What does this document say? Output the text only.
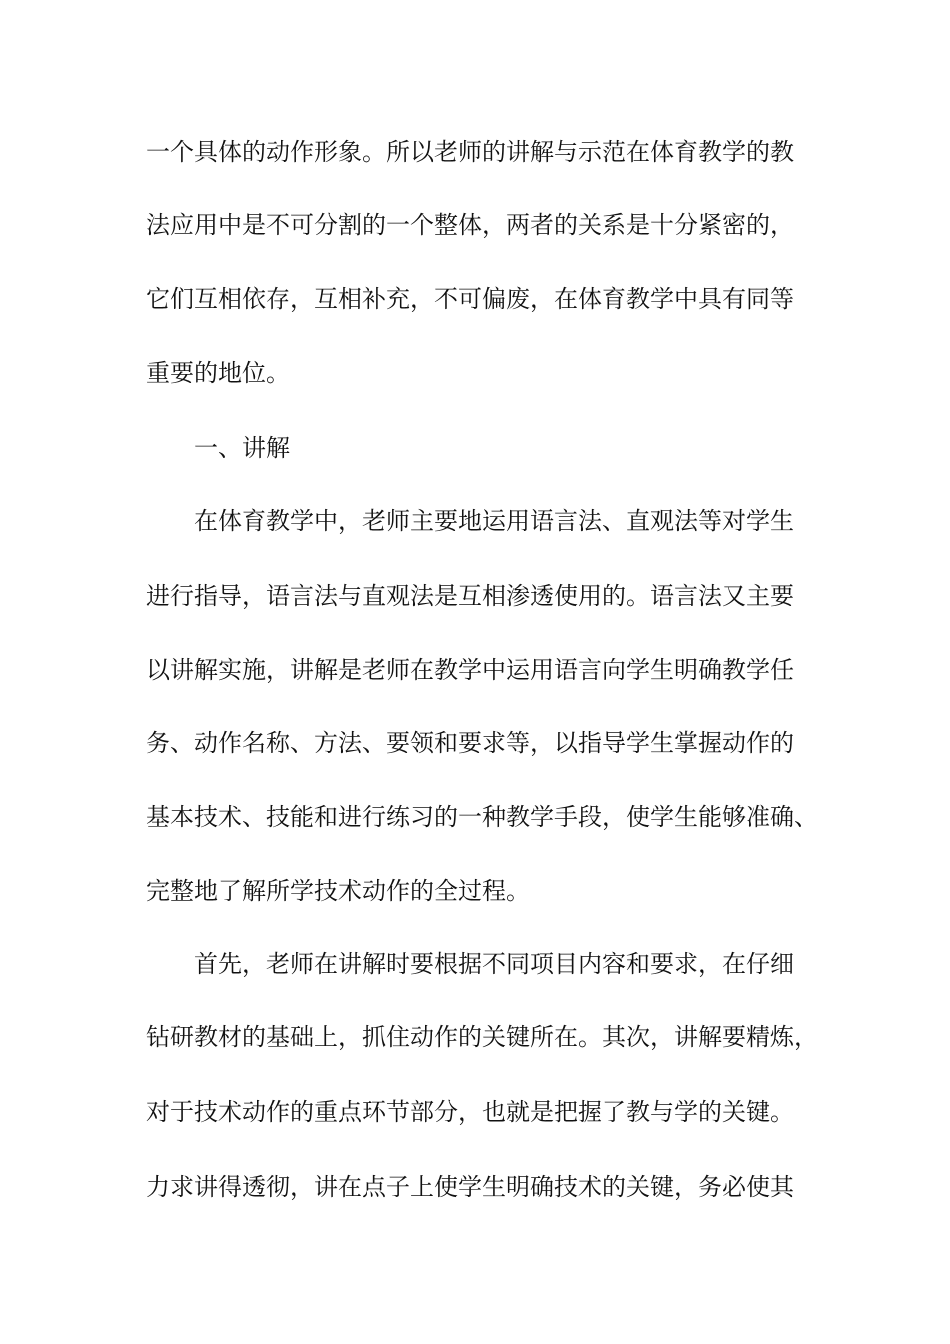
一个具体的动作形象。所以老师的讲解与示范在体育教学的教

法应用中是不可分割的一个整体，两者的关系是十分紧密的，

它们互相依存，互相补充，不可偏废，在体育教学中具有同等

重要的地位。

一、讲解

在体育教学中，老师主要地运用语言法、直观法等对学生

进行指导，语言法与直观法是互相渗透使用的。语言法又主要

以讲解实施，讲解是老师在教学中运用语言向学生明确教学任

务、动作名称、方法、要领和要求等，以指导学生掌握动作的

基本技术、技能和进行练习的一种教学手段，使学生能够准确、

完整地了解所学技术动作的全过程。

首先，老师在讲解时要根据不同项目内容和要求，在仔细

钻研教材的基础上，抓住动作的关键所在。其次，讲解要精炼，

对于技术动作的重点环节部分，也就是把握了教与学的关键。

力求讲得透彻，讲在点子上使学生明确技术的关键，务必使其
